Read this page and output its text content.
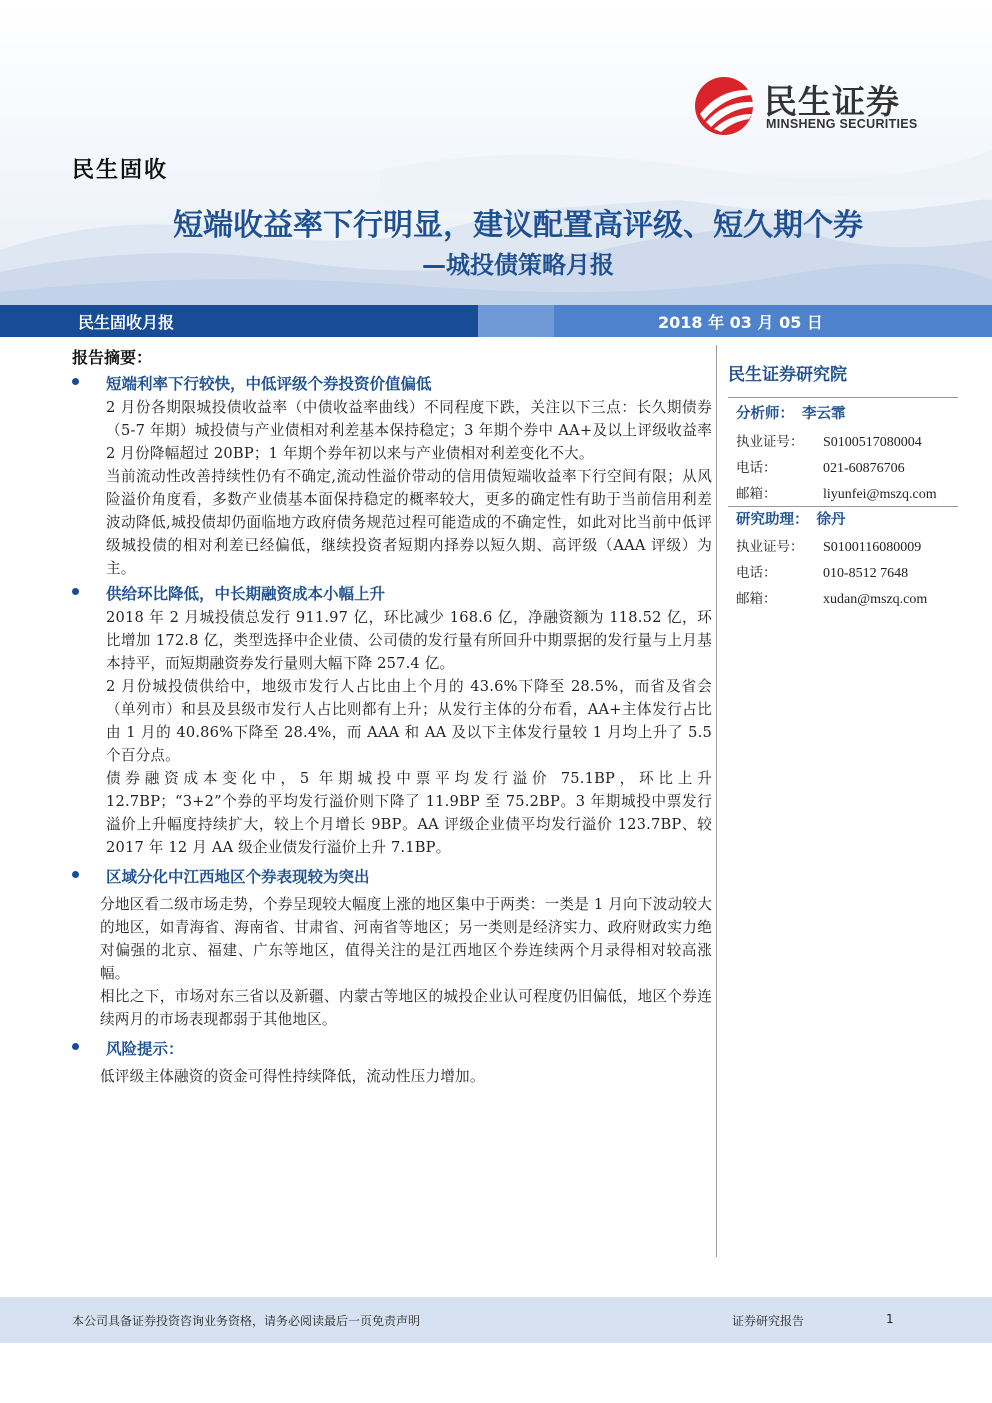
民生证券
MINSHENG SECURITIES
民生固收
短端收益率下行明显，建议配置高评级、短久期个券
—城投债策略月报
民生固收月报	2018 年 03 月 05 日
报告摘要：
短端利率下行较快，中低评级个券投资价值偏低

2 月份各期限城投债收益率（中债收益率曲线）不同程度下跌，关注以下三点：长久期债券（5-7 年期）城投债与产业债相对利差基本保持稳定；3 年期个券中 AA+及以上评级收益率 2 月份降幅超过 20BP；1 年期个券年初以来与产业债相对利差变化不大。

当前流动性改善持续性仍有不确定,流动性溢价带动的信用债短端收益率下行空间有限；从风险溢价角度看，多数产业债基本面保持稳定的概率较大，更多的确定性有助于当前信用利差波动降低,城投债却仍面临地方政府债务规范过程可能造成的不确定性，如此对比当前中低评级城投债的相对利差已经偏低，继续投资者短期内择券以短久期、高评级（AAA 评级）为主。

供给环比降低，中长期融资成本小幅上升

2018 年 2 月城投债总发行 911.97 亿，环比减少 168.6 亿，净融资额为 118.52 亿，环比增加 172.8 亿，类型选择中企业债、公司债的发行量有所回升中期票据的发行量与上月基本持平，而短期融资券发行量则大幅下降 257.4 亿。

2 月份城投债供给中，地级市发行人占比由上个月的 43.6%下降至 28.5%，而省及省会（单列市）和县及县级市发行人占比则都有上升；从发行主体的分布看，AA+主体发行占比由 1 月的 40.86%下降至 28.4%，而 AAA 和 AA 及以下主体发行量较 1 月均上升了 5.5 个百分点。

债券融资成本变化中，5 年期城投中票平均发行溢价 75.1BP，环比上升 12.7BP；“3+2”个券的平均发行溢价则下降了 11.9BP 至 75.2BP。3 年期城投中票发行溢价上升幅度持续扩大，较上个月增长 9BP。AA 评级企业债平均发行溢价 123.7BP、较 2017 年 12 月 AA 级企业债发行溢价上升 7.1BP。

区域分化中江西地区个券表现较为突出

分地区看二级市场走势，个券呈现较大幅度上涨的地区集中于两类：一类是 1 月向下波动较大的地区，如青海省、海南省、甘肃省、河南省等地区；另一类则是经济实力、政府财政实力绝对偏强的北京、福建、广东等地区，值得关注的是江西地区个券连续两个月录得相对较高涨幅。

相比之下，市场对东三省以及新疆、内蒙古等地区的城投企业认可程度仍旧偏低，地区个券连续两月的市场表现都弱于其他地区。

风险提示：

低评级主体融资的资金可得性持续降低，流动性压力增加。

民生证券研究院
分析师： 李云霏
执业证号： S0100517080004
电话：	021-60876706
邮箱：	liyunfei@mszq.com
研究助理： 徐丹
执业证号： S0100116080009
电话：	010-8512 7648
邮箱：	xudan@mszq.com
本公司具备证券投资咨询业务资格，请务必阅读最后一页免责声明	证券研究报告	1
